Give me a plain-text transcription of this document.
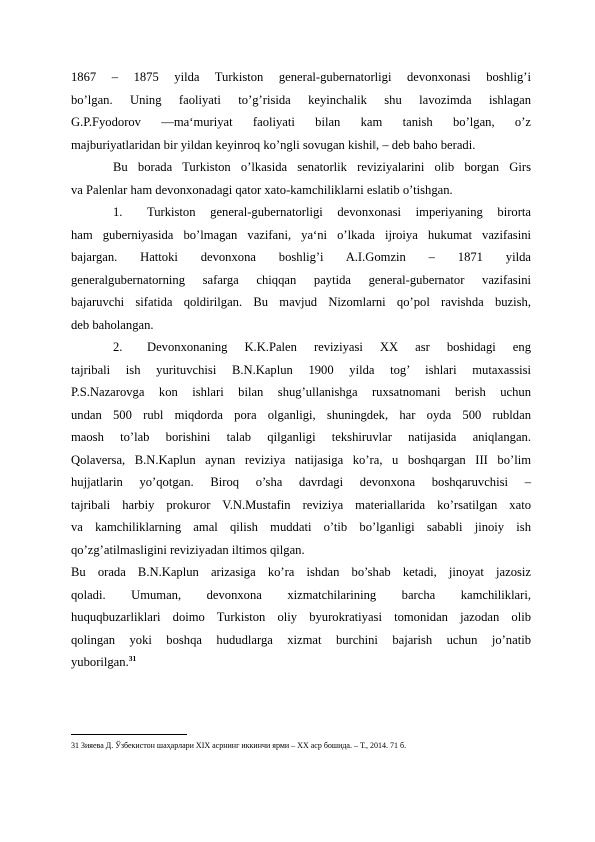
1867 – 1875 yilda Turkiston general-gubernatorligi devonxonasi boshlig’i
bo’lgan. Uning faoliyati to’g’risida keyinchalik shu lavozimda ishlagan
G.P.Fyodorov ―ma‘muriyat faoliyati bilan kam tanish bo’lgan, o’z
majburiyatlaridan bir yildan keyinroq ko’ngli sovugan kishi‖, – deb baho beradi.
Bu borada Turkiston o’lkasida senatorlik reviziyalarini olib borgan Girs
va Palenlar ham devonxonadagi qator xato-kamchiliklarni eslatib o’tishgan.
1. Turkiston general-gubernatorligi devonxonasi imperiyaning birorta
ham guberniyasida bo’lmagan vazifani, ya‘ni o’lkada ijroiya hukumat vazifasini
bajargan. Hattoki devonxona boshlig’i A.I.Gomzin – 1871 yilda
generalgubernatorning safarga chiqqan paytida general-gubernator vazifasini
bajaruvchi sifatida qoldirilgan. Bu mavjud Nizomlarni qo’pol ravishda buzish,
deb baholangan.
2. Devonxonaning K.K.Palen reviziyasi XX asr boshidagi eng
tajribali ish yurituvchisi B.N.Kaplun 1900 yilda tog’ ishlari mutaxassisi
P.S.Nazarovga kon ishlari bilan shug’ullanishga ruxsatnomani berish uchun
undan 500 rubl miqdorda pora olganligi, shuningdek, har oyda 500 rubldan
maosh to’lab borishini talab qilganligi tekshiruvlar natijasida aniqlangan.
Qolaversa, B.N.Kaplun aynan reviziya natijasiga ko’ra, u boshqargan III bo’lim
hujjatlarin yo’qotgan. Biroq o’sha davrdagi devonxona boshqaruvchisi –
tajribali harbiy prokuror V.N.Mustafin reviziya materiallarida ko’rsatilgan xato
va kamchiliklarning amal qilish muddati o’tib bo’lganligi sababli jinoiy ish
qo’zg’atilmasligini reviziyadan iltimos qilgan.
Bu orada B.N.Kaplun arizasiga ko’ra ishdan bo’shab ketadi, jinoyat jazosiz
qoladi. Umuman, devonxona xizmatchilarining barcha kamchiliklari,
huquqbuzarliklari doimo Turkiston oliy byurokratiyasi tomonidan jazodan olib
qolingan yoki boshqa hududlarga xizmat burchini bajarish uchun jo’natib
yuborilgan.$^{31}$
31 Зияева Д. Ўзбекистон шаҳарлари XIX асрнинг иккинчи ярми – XX аср бошида. – Т., 2014. 71 б.
